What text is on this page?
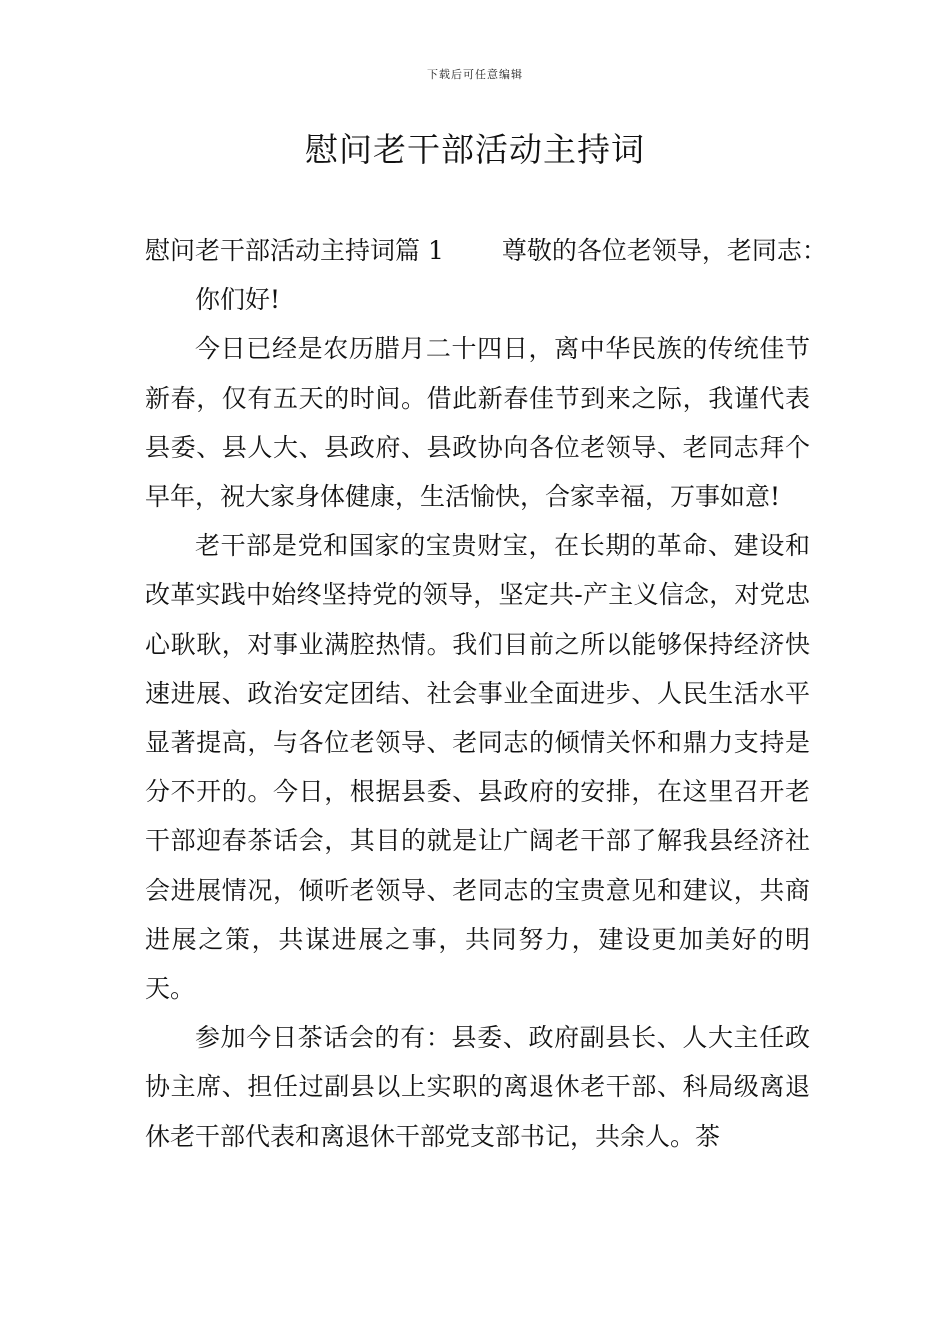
下载后可任意编辑
慰问老干部活动主持词

慰问老干部活动主持词篇 1 尊敬的各位老领导，老同志：

你们好!

今日已经是农历腊月二十四日，离中华民族的传统佳节新春，仅有五天的时间。借此新春佳节到来之际，我谨代表县委、县人大、县政府、县政协向各位老领导、老同志拜个早年，祝大家身体健康，生活愉快，合家幸福，万事如意!

老干部是党和国家的宝贵财宝，在长期的革命、建设和改革实践中始终坚持党的领导，坚定共-产主义信念，对党忠心耿耿，对事业满腔热情。我们目前之所以能够保持经济快速进展、政治安定团结、社会事业全面进步、人民生活水平显著提高，与各位老领导、老同志的倾情关怀和鼎力支持是分不开的。今日，根据县委、县政府的安排，在这里召开老干部迎春茶话会，其目的就是让广阔老干部了解我县经济社会进展情况，倾听老领导、老同志的宝贵意见和建议，共商进展之策，共谋进展之事，共同努力，建设更加美好的明天。

参加今日茶话会的有：县委、政府副县长、人大主任政协主席、担任过副县以上实职的离退休老干部、科局级离退休老干部代表和离退休干部党支部书记，共余人。茶
